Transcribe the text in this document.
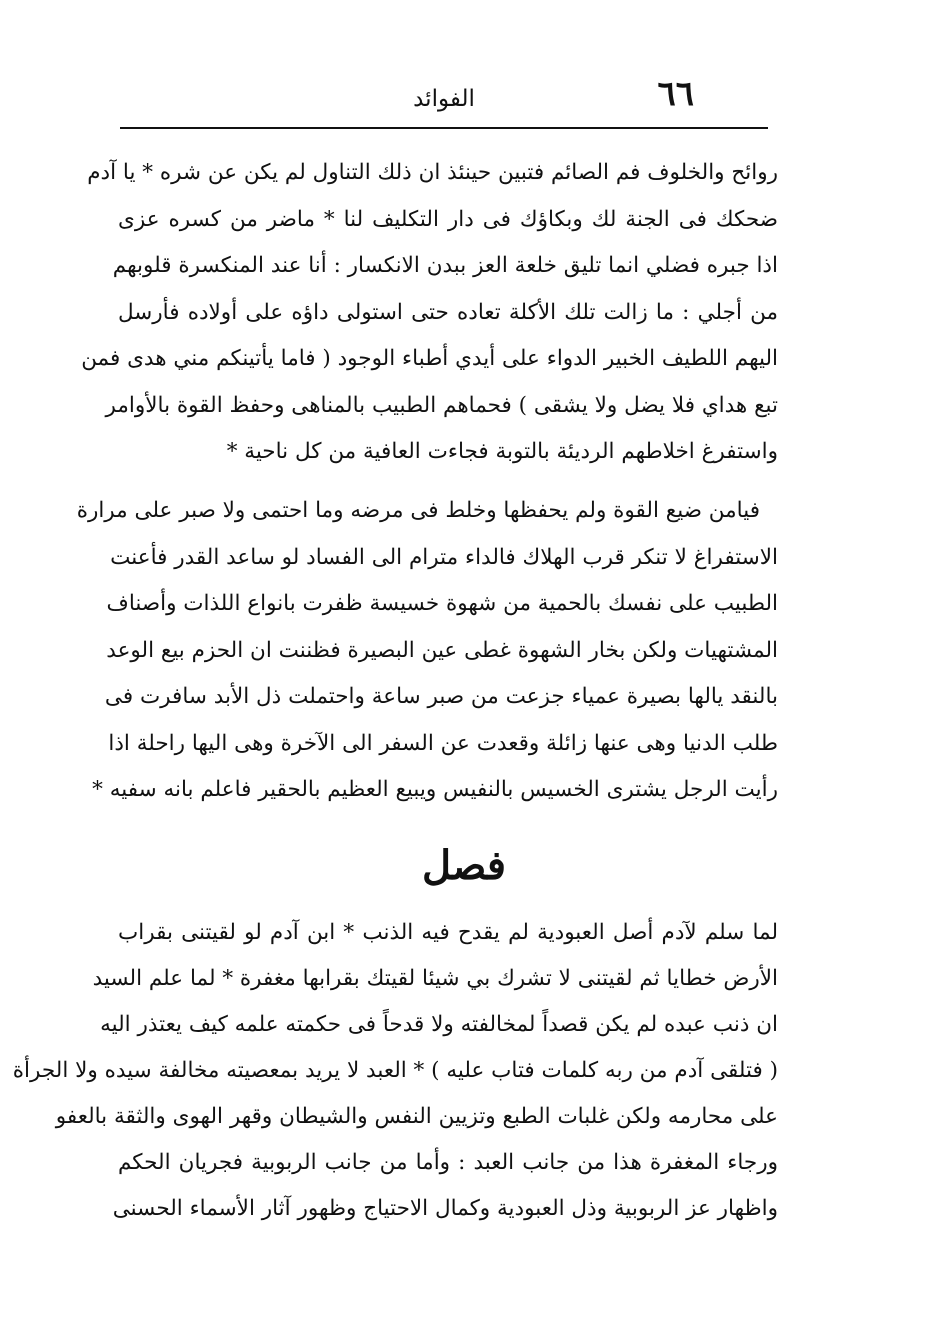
٦٦
الفوائد
روائح والخلوف فم الصائم فتبين حينئذ ان ذلك التناول لم يكن عن شره * يا آدم
ضحكك فى الجنة لك وبكاؤك فى دار التكليف لنا * ماضر من كسره عزى
اذا جبره فضلي انما تليق خلعة العز ببدن الانكسار : أنا عند المنكسرة قلوبهم
من أجلي : ما زالت تلك الأكلة تعاده حتى استولى داؤه على أولاده فأرسل
اليهم اللطيف الخبير الدواء على أيدي أطباء الوجود ( فاما يأتينكم مني هدى فمن
تبع هداي فلا يضل ولا يشقى ) فحماهم الطبيب بالمناهى وحفظ القوة بالأوامر
واستفرغ اخلاطهم الرديئة بالتوبة فجاءت العافية من كل ناحية *
فيامن ضيع القوة ولم يحفظها وخلط فى مرضه وما احتمى ولا صبر على مرارة
الاستفراغ لا تنكر قرب الهلاك فالداء مترام الى الفساد لو ساعد القدر فأعنت
الطبيب على نفسك بالحمية من شهوة خسيسة ظفرت بانواع اللذات وأصناف
المشتهيات ولكن بخار الشهوة غطى عين البصيرة فظننت ان الحزم بيع الوعد
بالنقد يالها بصيرة عمياء جزعت من صبر ساعة واحتملت ذل الأبد سافرت فى
طلب الدنيا وهى عنها زائلة وقعدت عن السفر الى الآخرة وهى اليها راحلة اذا
رأيت الرجل يشترى الخسيس بالنفيس ويبيع العظيم بالحقير فاعلم بانه سفيه *
فصل
لما سلم لآدم أصل العبودية لم يقدح فيه الذنب * ابن آدم لو لقيتنى بقراب
الأرض خطايا ثم لقيتنى لا تشرك بي شيئا لقيتك بقرابها مغفرة * لما علم السيد
ان ذنب عبده لم يكن قصداً لمخالفته ولا قدحاً فى حكمته علمه كيف يعتذر اليه
( فتلقى آدم من ربه كلمات فتاب عليه ) * العبد لا يريد بمعصيته مخالفة سيده ولا الجرأة
على محارمه ولكن غلبات الطبع وتزيين النفس والشيطان وقهر الهوى والثقة بالعفو
ورجاء المغفرة هذا من جانب العبد : وأما من جانب الربوبية فجريان الحكم
واظهار عز الربوبية وذل العبودية وكمال الاحتياج وظهور آثار الأسماء الحسنى
